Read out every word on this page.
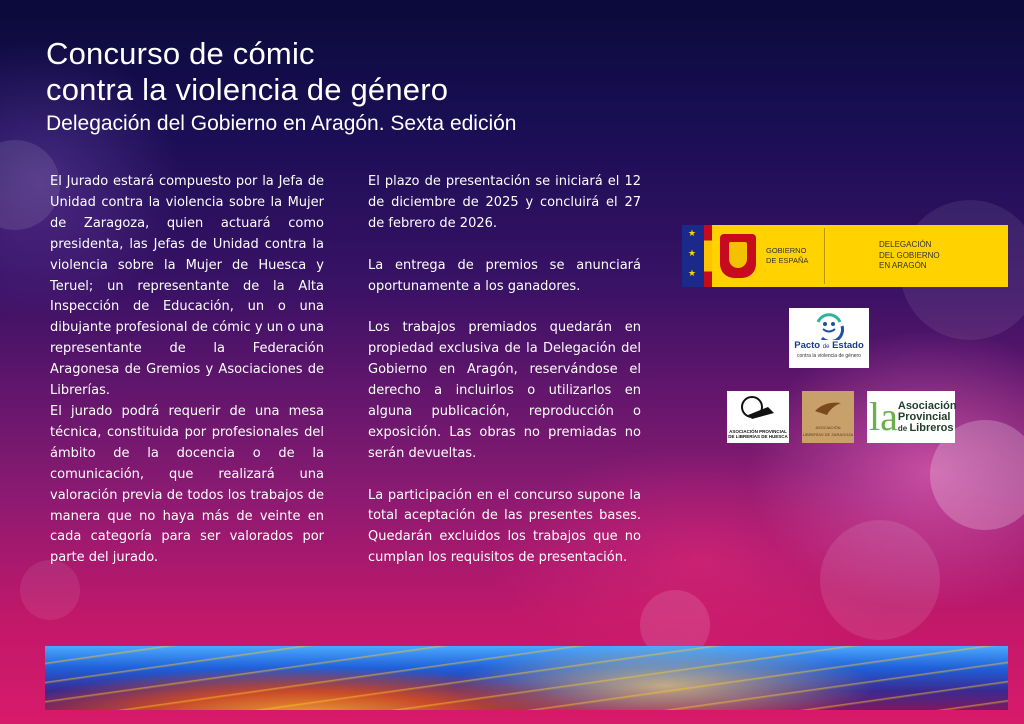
Concurso de cómic
contra la violencia de género
Delegación del Gobierno en Aragón. Sexta edición

El Jurado estará compuesto por la Jefa de Unidad contra la violencia sobre la Mujer de Zaragoza, quien actuará como presidenta, las Jefas de Unidad contra la violencia sobre la Mujer de Huesca y Teruel; un representante de la Alta Inspección de Educación, un o una dibujante profesional de cómic y un o una representante de la Federación Aragonesa de Gremios y Asociaciones de Librerías.

El jurado podrá requerir de una mesa técnica, constituida por profesionales del ámbito de la docencia o de la comunicación, que realizará una valoración previa de todos los trabajos de manera que no haya más de veinte en cada categoría para ser valorados por parte del jurado.

El plazo de presentación se iniciará el 12 de diciembre de 2025 y concluirá el 27 de febrero de 2026.

La entrega de premios se anunciará oportunamente a los ganadores.

Los trabajos premiados quedarán en propiedad exclusiva de la Delegación del Gobierno en Aragón, reservándose el derecho a incluirlos o utilizarlos en alguna publicación, reproducción o exposición. Las obras no premiadas no serán devueltas.

La participación en el concurso supone la total aceptación de las presentes bases. Quedarán excluidos los trabajos que no cumplan los requisitos de presentación.

★
★
★
GOBIERNO
DE ESPAÑA
DELEGACIÓN
DEL GOBIERNO
EN ARAGÓN
Pacto de Estado
contra la violencia de género
ASOCIACIÓN PROVINCIAL
DE LIBRERÍAS DE HUESCA
ASOCIACIÓN
LIBRERÍAS DE ZARAGOZA la Asociación
Provincial
de Libreros
